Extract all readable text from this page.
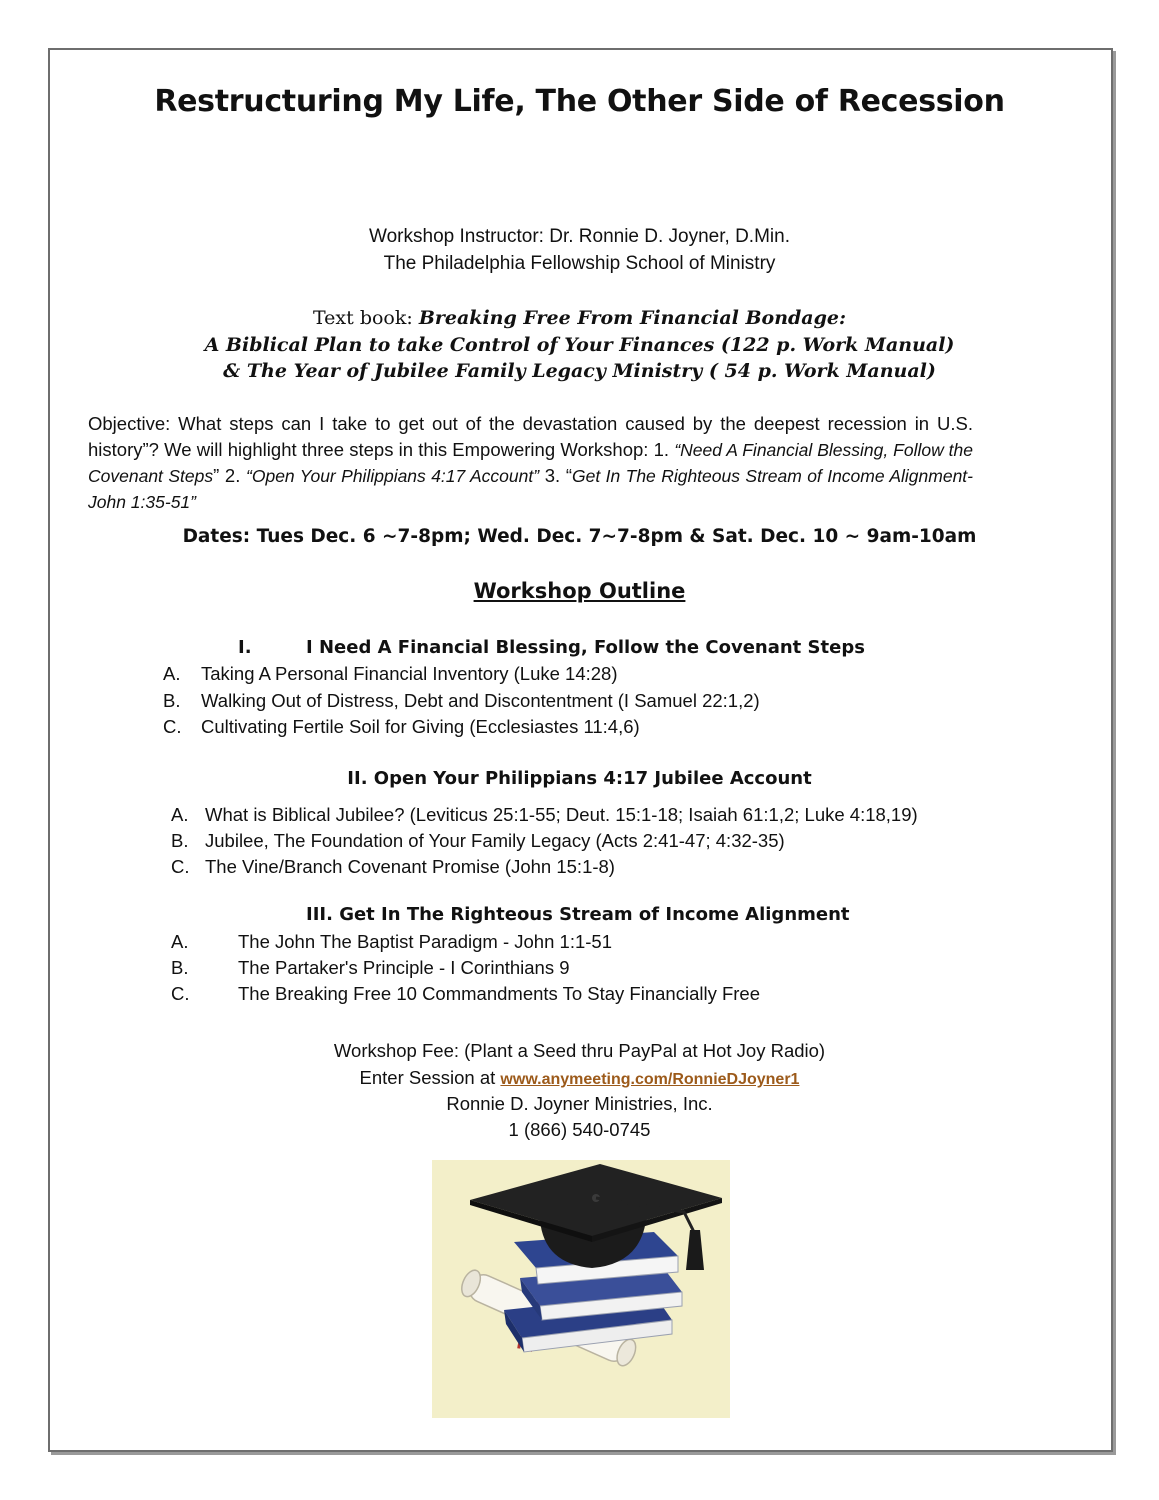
Restructuring My Life, The Other Side of Recession
Workshop Instructor: Dr. Ronnie D. Joyner, D.Min.
The Philadelphia Fellowship School of Ministry
Text book: Breaking Free From Financial Bondage:
A Biblical Plan to take Control of Your Finances (122 p. Work Manual)
& The Year of Jubilee Family Legacy Ministry ( 54 p. Work Manual)
Objective: What steps can I take to get out of the devastation caused by the deepest recession in U.S. history”? We will highlight three steps in this Empowering Workshop: 1. “Need A Financial Blessing, Follow the Covenant Steps” 2. “Open Your Philippians 4:17 Account” 3. “Get In The Righteous Stream of Income Alignment-John 1:35-51”
Dates: Tues Dec. 6 ~7-8pm; Wed. Dec. 7~7-8pm & Sat. Dec. 10 ~ 9am-10am
Workshop Outline
I.	I Need A Financial Blessing, Follow the Covenant Steps
A. Taking A Personal Financial Inventory (Luke 14:28)
B. Walking Out of Distress, Debt and Discontentment (I Samuel 22:1,2)
C. Cultivating Fertile Soil for Giving (Ecclesiastes 11:4,6)
II. Open Your Philippians 4:17 Jubilee Account
A. What is Biblical Jubilee? (Leviticus 25:1-55; Deut. 15:1-18; Isaiah 61:1,2; Luke 4:18,19)
B. Jubilee, The Foundation of Your Family Legacy (Acts 2:41-47; 4:32-35)
C. The Vine/Branch Covenant Promise (John 15:1-8)
III. Get In The Righteous Stream of Income Alignment
A.	The John The Baptist Paradigm - John 1:1-51
B.	The Partaker's Principle - I Corinthians 9
C.	The Breaking Free 10 Commandments To Stay Financially Free
Workshop Fee: (Plant a Seed thru PayPal at Hot Joy Radio)
Enter Session at www.anymeeting.com/RonnieDJoyner1
Ronnie D. Joyner Ministries, Inc.
1 (866) 540-0745
